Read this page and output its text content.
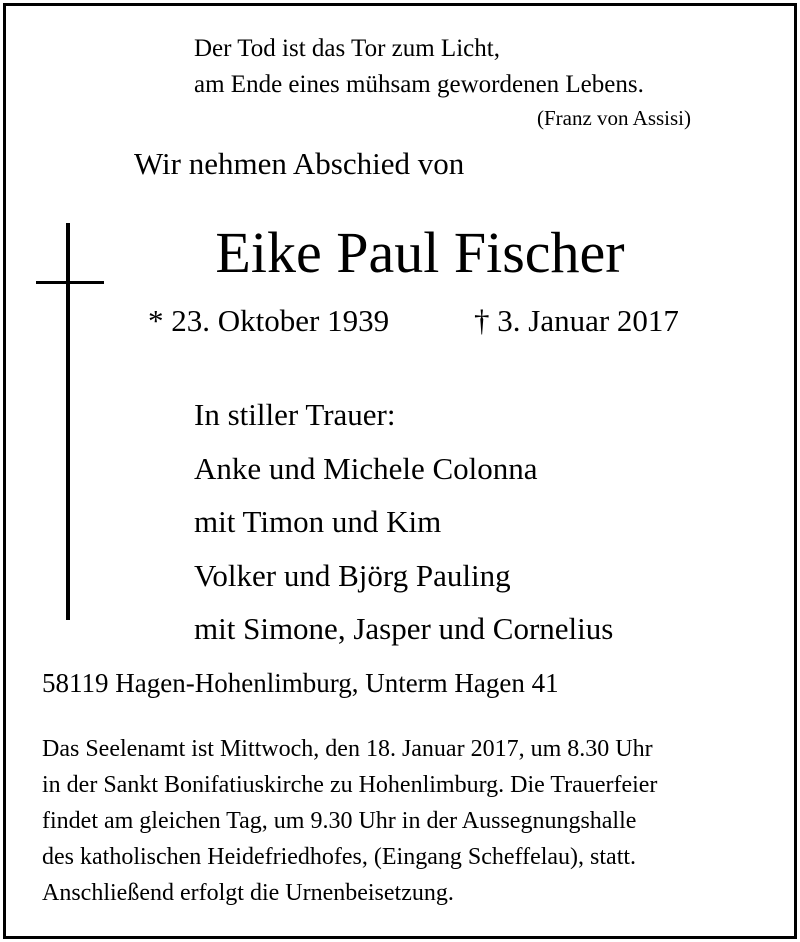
Der Tod ist das Tor zum Licht,
am Ende eines mühsam gewordenen Lebens.
(Franz von Assisi)
Wir nehmen Abschied von
Eike Paul Fischer
* 23. Oktober 1939	† 3. Januar 2017
In stiller Trauer:
Anke und Michele Colonna
mit Timon und Kim
Volker und Björg Pauling
mit Simone, Jasper und Cornelius
58119 Hagen-Hohenlimburg, Unterm Hagen 41
Das Seelenamt ist Mittwoch, den 18. Januar 2017, um 8.30 Uhr
in der Sankt Bonifatiuskirche zu Hohenlimburg. Die Trauerfeier
findet am gleichen Tag, um 9.30 Uhr in der Aussegnungshalle
des katholischen Heidefriedhofes, (Eingang Scheffelau), statt.
Anschließend erfolgt die Urnenbeisetzung.
